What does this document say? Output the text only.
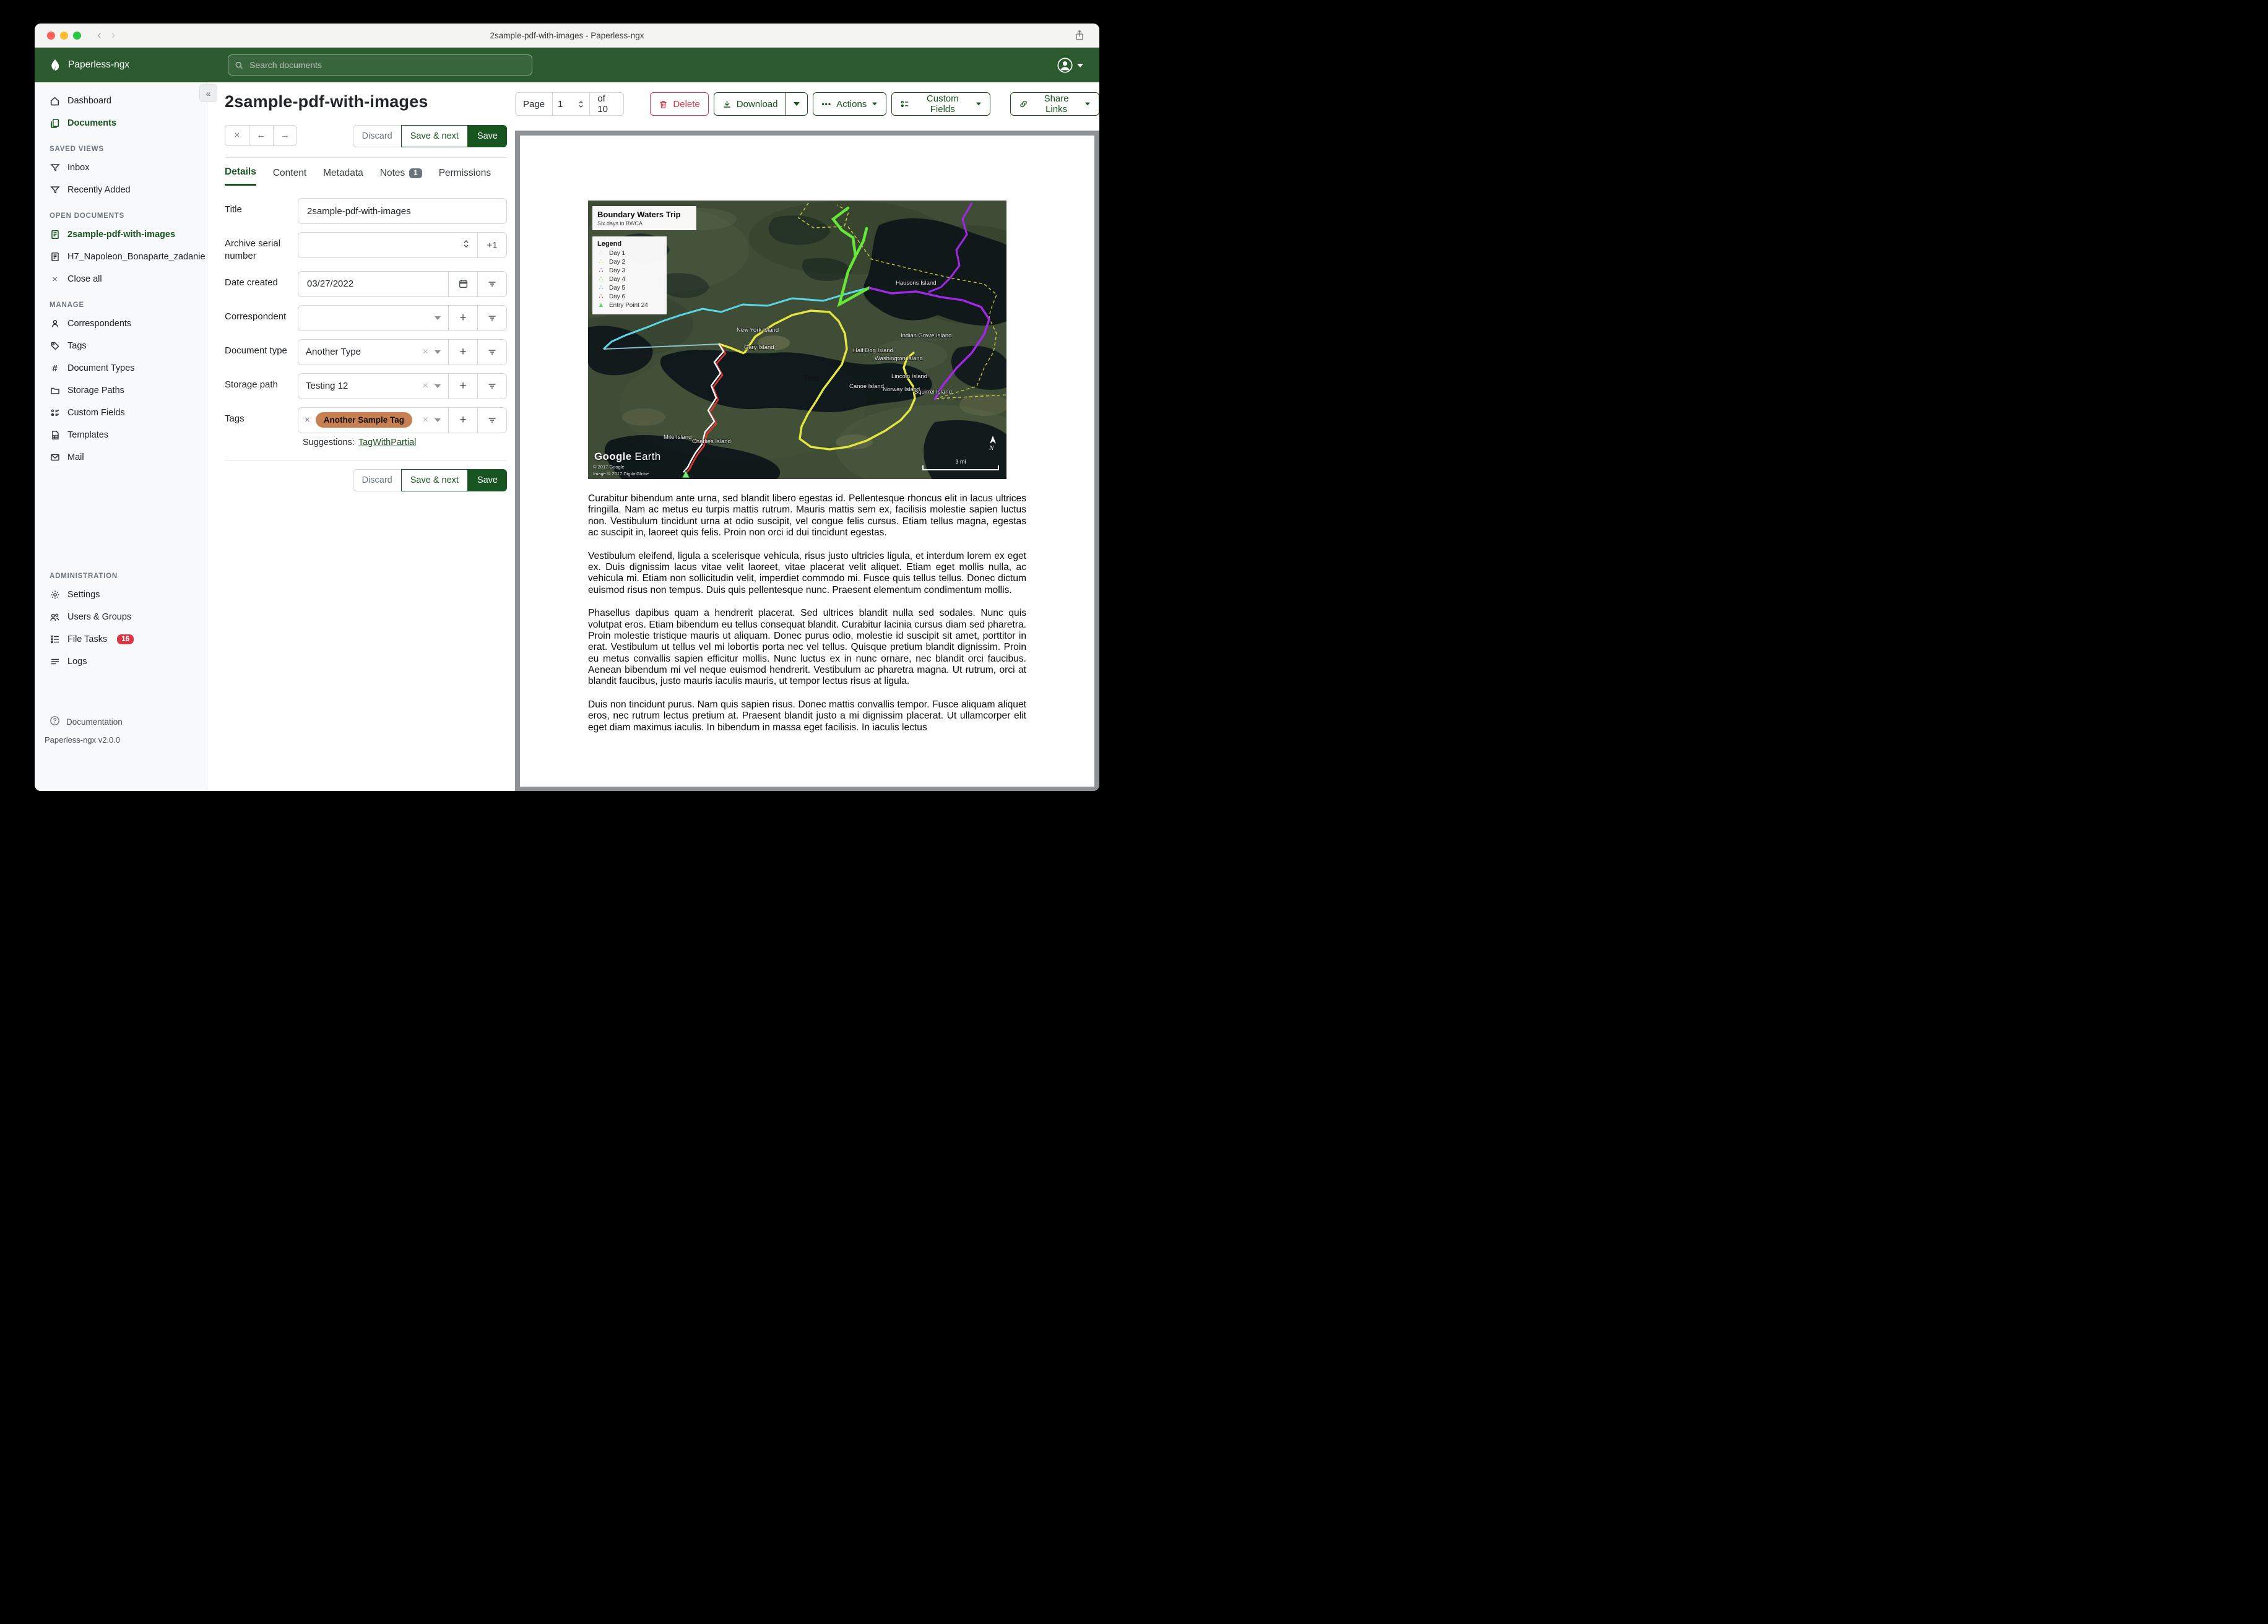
‹ ›	2sample-pdf-with-images - Paperless-ngx
Paperless-ngx
Search documents
Dashboard
Documents
SAVED VIEWS
Inbox
Recently Added
OPEN DOCUMENTS
2sample-pdf-with-images
H7_Napoleon_Bonaparte_zadanie
× Close all
MANAGE
Correspondents
Tags
# Document Types
Storage Paths
Custom Fields
Templates
Mail
ADMINISTRATION
Settings
Users & Groups
File Tasks	16
Logs
Documentation
Paperless-ngx v2.0.0
« 2sample-pdf-with-images
×	←	→	Discard	Save & next	Save
Details Content Metadata Notes	1	Permissions
Title
2sample-pdf-with-images
Archive serial number
+1
Date created
03/27/2022
Correspondent	+
Document type	Another Type	×	+
Storage path	Testing 12	×	+
Tags	×	Another Sample Tag	×	+
Suggestions: TagWithPartial
Discard	Save & next	Save
Page	1	of 10	Delete	Download	••• Actions	Custom Fields
Share Links
Hausons Island
New York Island
Gary Island
Indian Grave Island
Half Dog Island
Washington Island
Lincoln Island
Canoe Island
Norway Island
Squirrel Island
Text
Mile Island
Charlies Island
Boundary Waters Trip
Six days in BWCA
Legend
∴ Day 1
∴ Day 2
∴ Day 3
∴ Day 4
∴ Day 5
∴ Day 6
▲ Entry Point 24
Google Earth
© 2017 Google
Image © 2017 DigitalGlobe
N
3 mi

Curabitur bibendum ante urna, sed blandit libero egestas id. Pellentesque rhoncus elit in lacus ultrices fringilla. Nam ac metus eu turpis mattis rutrum. Mauris mattis sem ex, facilisis molestie sapien luctus non. Vestibulum tincidunt urna at odio suscipit, vel congue felis cursus. Etiam tellus magna, egestas ac suscipit in, laoreet quis felis. Proin non orci id dui tincidunt egestas.

Vestibulum eleifend, ligula a scelerisque vehicula, risus justo ultricies ligula, et interdum lorem ex eget ex. Duis dignissim lacus vitae velit laoreet, vitae placerat velit aliquet. Etiam eget mollis nulla, ac vehicula mi. Etiam non sollicitudin velit, imperdiet commodo mi. Fusce quis tellus tellus. Donec dictum euismod risus non tempus. Duis quis pellentesque nunc. Praesent elementum condimentum mollis.

Phasellus dapibus quam a hendrerit placerat. Sed ultrices blandit nulla sed sodales. Nunc quis volutpat eros. Etiam bibendum eu tellus consequat blandit. Curabitur lacinia cursus diam sed pharetra. Proin molestie tristique mauris ut aliquam. Donec purus odio, molestie id suscipit sit amet, porttitor in erat. Vestibulum ut tellus vel mi lobortis porta nec vel tellus. Quisque pretium blandit dignissim. Proin eu metus convallis sapien efficitur mollis. Nunc luctus ex in nunc ornare, nec blandit orci faucibus. Aenean bibendum mi vel neque euismod hendrerit. Vestibulum ac pharetra magna. Ut rutrum, orci at blandit faucibus, justo mauris iaculis mauris, ut tempor lectus risus at ligula.

Duis non tincidunt purus. Nam quis sapien risus. Donec mattis convallis tempor. Fusce aliquam aliquet eros, nec rutrum lectus pretium at. Praesent blandit justo a mi dignissim placerat. Ut ullamcorper elit eget diam maximus iaculis. In bibendum in massa eget facilisis. In iaculis lectus
